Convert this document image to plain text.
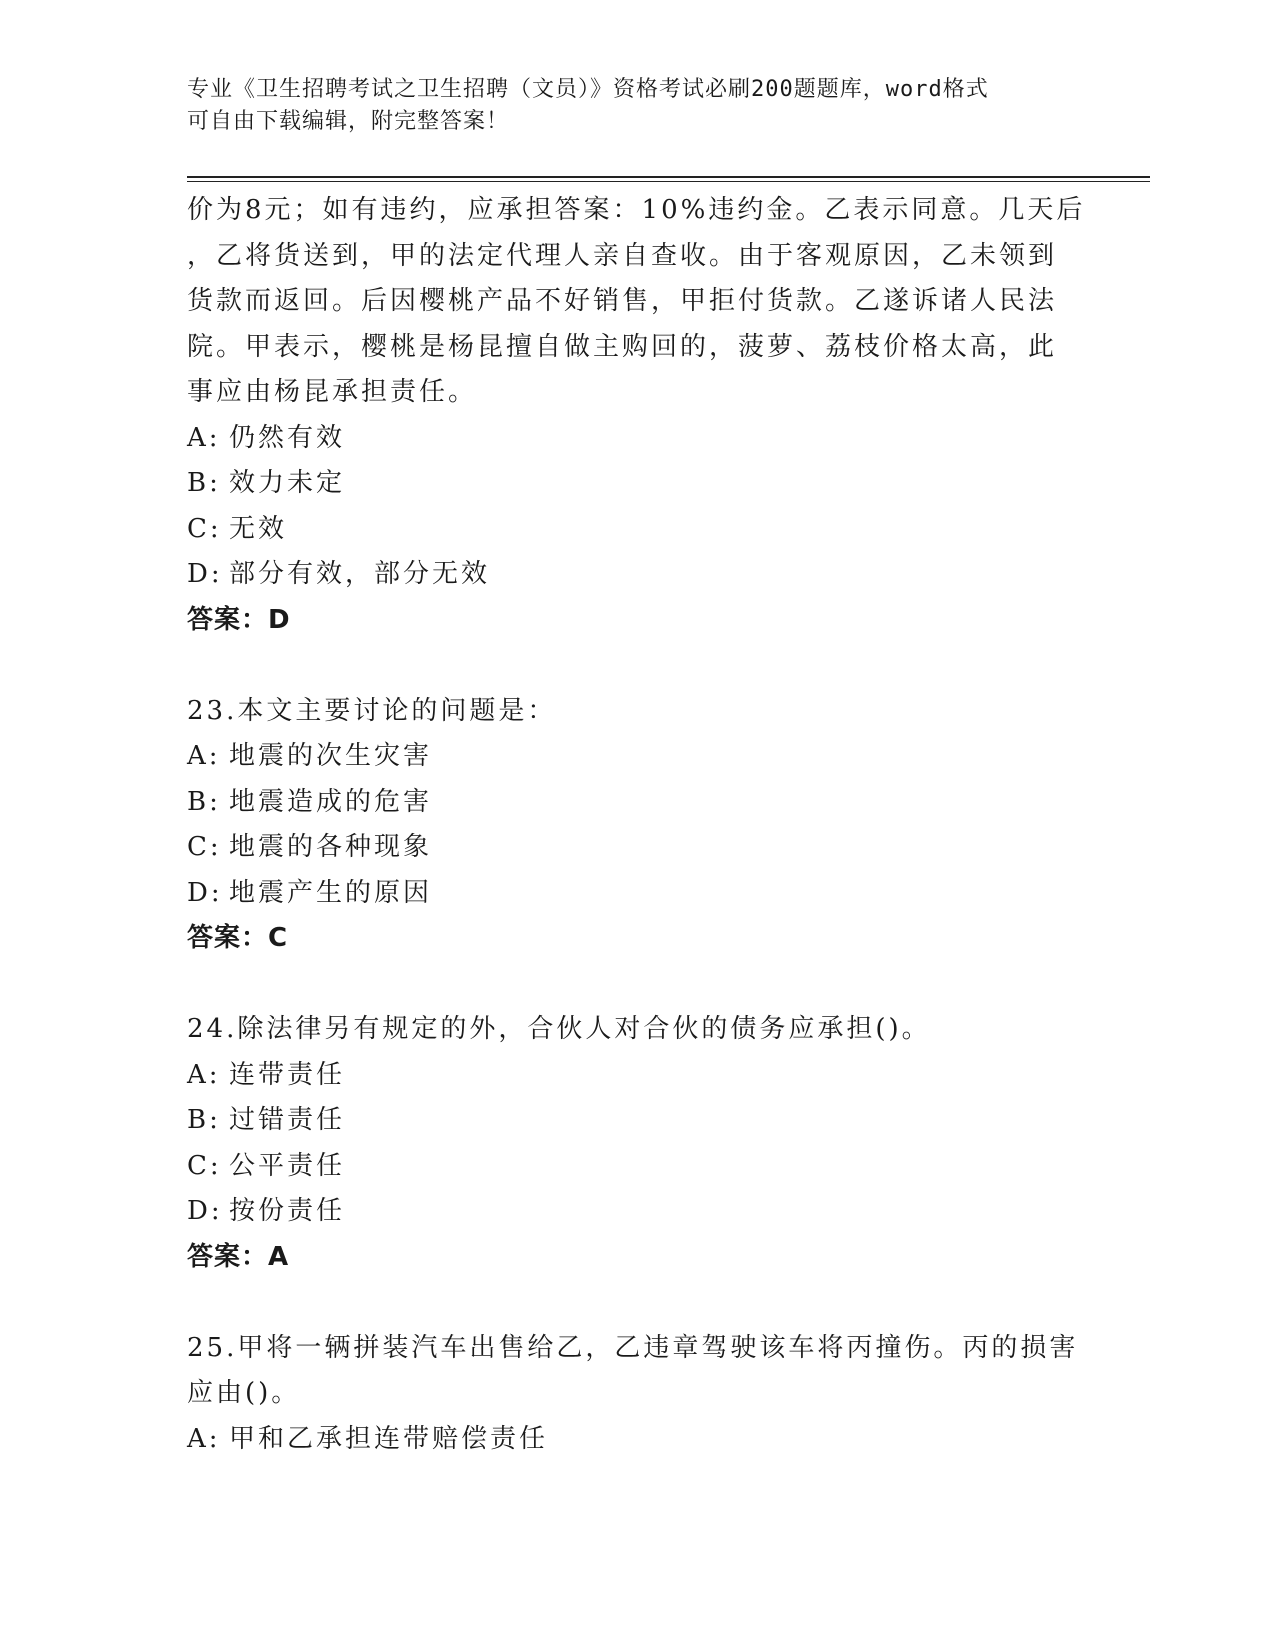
专业《卫生招聘考试之卫生招聘（文员）》资格考试必刷200题题库，word格式
可自由下载编辑，附完整答案！
价为8元；如有违约，应承担答案：10%违约金。乙表示同意。几天后
，乙将货送到，甲的法定代理人亲自查收。由于客观原因，乙未领到
货款而返回。后因樱桃产品不好销售，甲拒付货款。乙遂诉诸人民法
院。甲表示，樱桃是杨昆擅自做主购回的，菠萝、荔枝价格太高，此
事应由杨昆承担责任。
A: 仍然有效
B: 效力未定
C: 无效
D: 部分有效，部分无效
答案：D
23.本文主要讨论的问题是：
A: 地震的次生灾害
B: 地震造成的危害
C: 地震的各种现象
D: 地震产生的原因
答案：C
24.除法律另有规定的外，合伙人对合伙的债务应承担()。
A: 连带责任
B: 过错责任
C: 公平责任
D: 按份责任
答案：A
25.甲将一辆拼装汽车出售给乙，乙违章驾驶该车将丙撞伤。丙的损害
应由()。
A: 甲和乙承担连带赔偿责任
